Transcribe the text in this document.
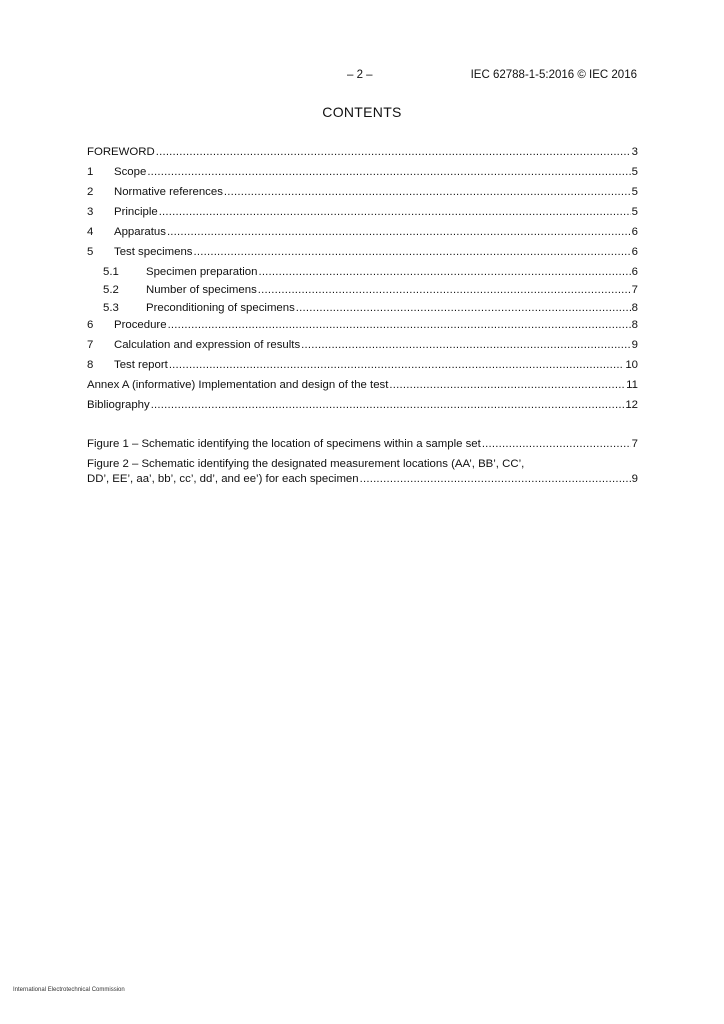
– 2 –	IEC 62788-1-5:2016 © IEC 2016
CONTENTS
FOREWORD .....	3
1	Scope .....	5
2	Normative references .....	5
3	Principle .....	5
4	Apparatus .....	6
5	Test specimens .....	6
5.1	Specimen preparation .....	6
5.2	Number of specimens .....	7
5.3	Preconditioning of specimens .....	8
6	Procedure .....	8
7	Calculation and expression of results .....	9
8	Test report .....	10
Annex A (informative) Implementation and design of the test .....	11
Bibliography .....	12
Figure 1 – Schematic identifying the location of specimens within a sample set .....	7
Figure 2 – Schematic identifying the designated measurement locations (AA’, BB’, CC’,
DD’, EE’, aa’, bb’, cc’, dd’, and ee’) for each specimen .....	9
International Electrotechnical Commission
